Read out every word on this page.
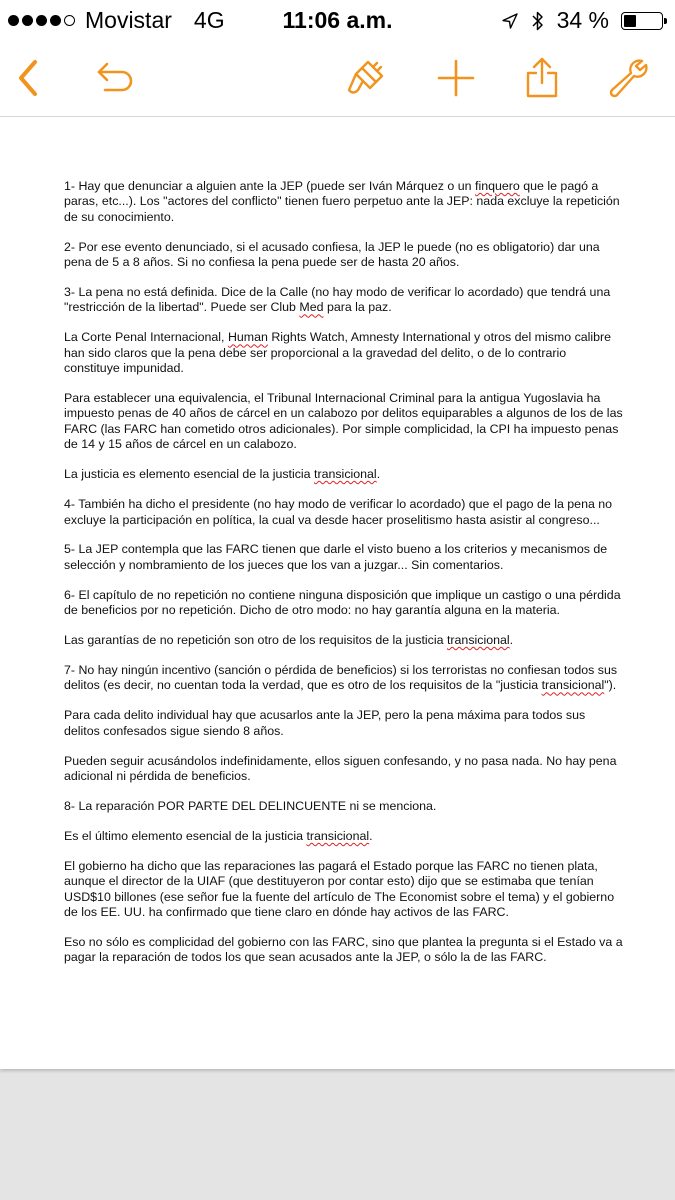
Movistar 4G	11:06 a.m.	34 %

1- Hay que denunciar a alguien ante la JEP (puede ser Iván Márquez o un finquero que le pagó a paras, etc...). Los "actores del conflicto" tienen fuero perpetuo ante la JEP: nada excluye la repetición de su conocimiento.

2- Por ese evento denunciado, si el acusado confiesa, la JEP le puede (no es obligatorio) dar una pena de 5 a 8 años. Si no confiesa la pena puede ser de hasta 20 años.

3- La pena no está definida. Dice de la Calle (no hay modo de verificar lo acordado) que tendrá una "restricción de la libertad". Puede ser Club Med para la paz.

La Corte Penal Internacional, Human Rights Watch, Amnesty International y otros del mismo calibre han sido claros que la pena debe ser proporcional a la gravedad del delito, o de lo contrario constituye impunidad.

Para establecer una equivalencia, el Tribunal Internacional Criminal para la antigua Yugoslavia ha impuesto penas de 40 años de cárcel en un calabozo por delitos equiparables a algunos de los de las FARC (las FARC han cometido otros adicionales). Por simple complicidad, la CPI ha impuesto penas de 14 y 15 años de cárcel en un calabozo.

La justicia es elemento esencial de la justicia transicional.

4- También ha dicho el presidente (no hay modo de verificar lo acordado) que el pago de la pena no excluye la participación en política, la cual va desde hacer proselitismo hasta asistir al congreso...

5- La JEP contempla que las FARC tienen que darle el visto bueno a los criterios y mecanismos de selección y nombramiento de los jueces que los van a juzgar... Sin comentarios.

6- El capítulo de no repetición no contiene ninguna disposición que implique un castigo o una pérdida de beneficios por no repetición. Dicho de otro modo: no hay garantía alguna en la materia.

Las garantías de no repetición son otro de los requisitos de la justicia transicional.

7- No hay ningún incentivo (sanción o pérdida de beneficios) si los terroristas no confiesan todos sus delitos (es decir, no cuentan toda la verdad, que es otro de los requisitos de la "justicia transicional").

Para cada delito individual hay que acusarlos ante la JEP, pero la pena máxima para todos sus delitos confesados sigue siendo 8 años.

Pueden seguir acusándolos indefinidamente, ellos siguen confesando, y no pasa nada. No hay pena adicional ni pérdida de beneficios.

8- La reparación POR PARTE DEL DELINCUENTE ni se menciona.

Es el último elemento esencial de la justicia transicional.

El gobierno ha dicho que las reparaciones las pagará el Estado porque las FARC no tienen plata, aunque el director de la UIAF (que destituyeron por contar esto) dijo que se estimaba que tenían USD$10 billones (ese señor fue la fuente del artículo de The Economist sobre el tema) y el gobierno de los EE. UU. ha confirmado que tiene claro en dónde hay activos de las FARC.

Eso no sólo es complicidad del gobierno con las FARC, sino que plantea la pregunta si el Estado va a pagar la reparación de todos los que sean acusados ante la JEP, o sólo la de las FARC.
